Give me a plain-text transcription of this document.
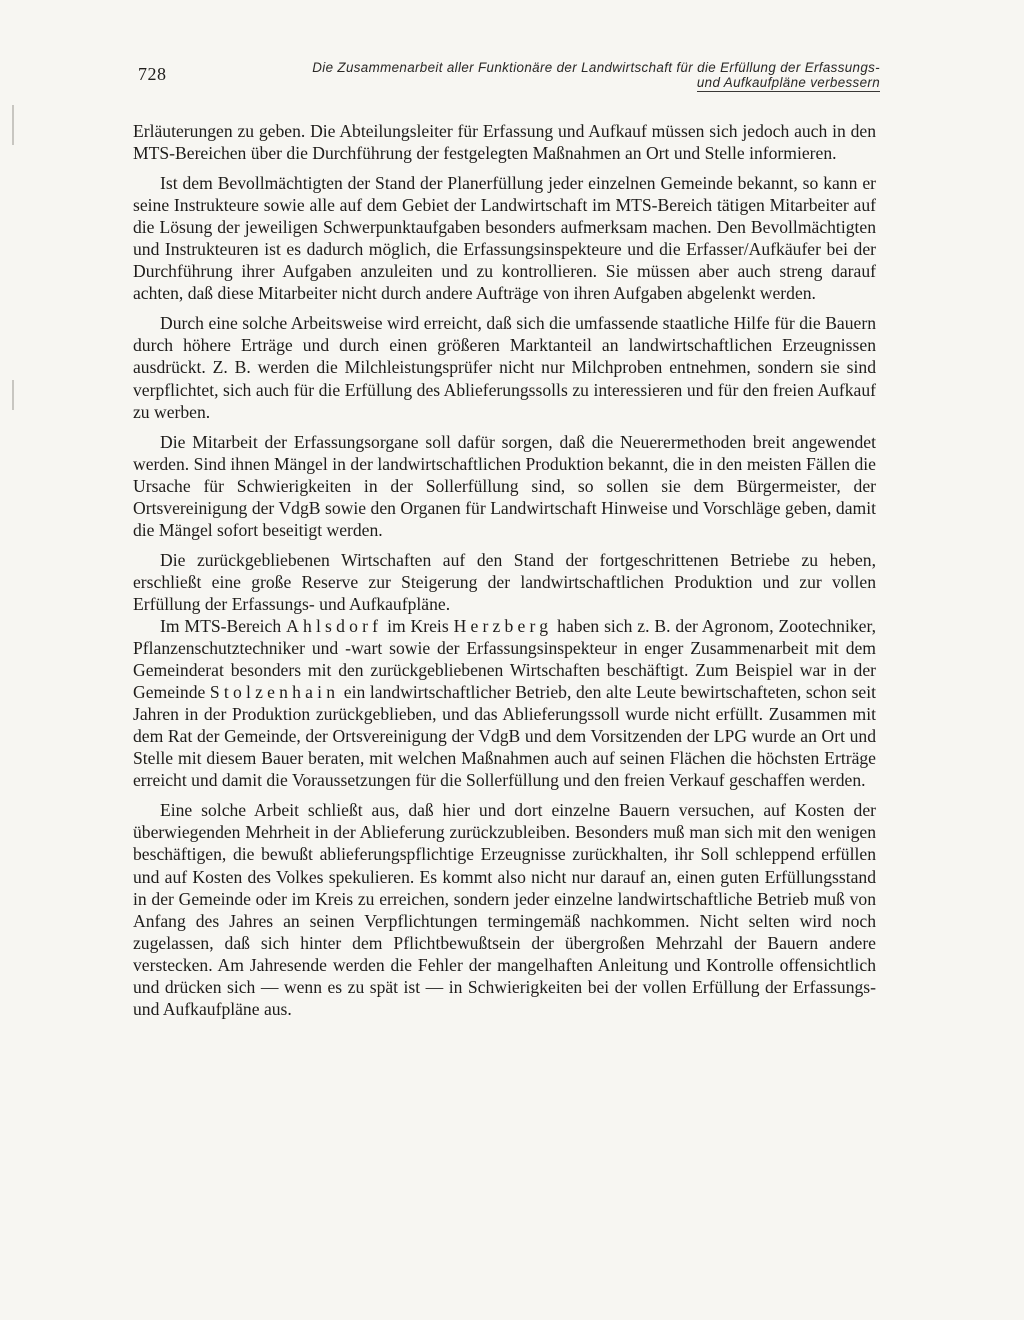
728	Die Zusammenarbeit aller Funktionäre der Landwirtschaft für die Erfüllung der Erfassungs-
und Aufkaufpläne verbessern

Erläuterungen zu geben. Die Abteilungsleiter für Erfassung und Aufkauf müssen sich jedoch auch in den MTS-Bereichen über die Durchführung der festgelegten Maßnahmen an Ort und Stelle informieren.

Ist dem Bevollmächtigten der Stand der Planerfüllung jeder einzelnen Gemeinde bekannt, so kann er seine Instrukteure sowie alle auf dem Gebiet der Landwirtschaft im MTS-Bereich tätigen Mitarbeiter auf die Lösung der jeweiligen Schwerpunktaufgaben besonders aufmerksam machen. Den Bevollmächtigten und Instrukteuren ist es dadurch möglich, die Erfassungsinspekteure und die Erfasser/Aufkäufer bei der Durchführung ihrer Aufgaben anzuleiten und zu kontrollieren. Sie müssen aber auch streng darauf achten, daß diese Mitarbeiter nicht durch andere Aufträge von ihren Aufgaben abgelenkt werden.

Durch eine solche Arbeitsweise wird erreicht, daß sich die umfassende staatliche Hilfe für die Bauern durch höhere Erträge und durch einen größeren Marktanteil an landwirtschaftlichen Erzeugnissen ausdrückt. Z. B. werden die Milchleistungsprüfer nicht nur Milchproben entnehmen, sondern sie sind verpflichtet, sich auch für die Erfüllung des Ablieferungssolls zu interessieren und für den freien Aufkauf zu werben.

Die Mitarbeit der Erfassungsorgane soll dafür sorgen, daß die Neuerermethoden breit angewendet werden. Sind ihnen Mängel in der landwirtschaftlichen Produktion bekannt, die in den meisten Fällen die Ursache für Schwierigkeiten in der Sollerfüllung sind, so sollen sie dem Bürgermeister, der Ortsvereinigung der VdgB sowie den Organen für Landwirtschaft Hinweise und Vorschläge geben, damit die Mängel sofort beseitigt werden.

Die zurückgebliebenen Wirtschaften auf den Stand der fortgeschrittenen Betriebe zu heben, erschließt eine große Reserve zur Steigerung der landwirtschaftlichen Produktion und zur vollen Erfüllung der Erfassungs- und Aufkaufpläne.

Im MTS-Bereich Ahlsdorf im Kreis Herzberg haben sich z. B. der Agronom, Zootechniker, Pflanzenschutztechniker und -wart sowie der Erfassungsinspekteur in enger Zusammenarbeit mit dem Gemeinderat besonders mit den zurückgebliebenen Wirtschaften beschäftigt. Zum Beispiel war in der Gemeinde Stolzenhain ein landwirtschaftlicher Betrieb, den alte Leute bewirtschafteten, schon seit Jahren in der Produktion zurückgeblieben, und das Ablieferungssoll wurde nicht erfüllt. Zusammen mit dem Rat der Gemeinde, der Ortsvereinigung der VdgB und dem Vorsitzenden der LPG wurde an Ort und Stelle mit diesem Bauer beraten, mit welchen Maßnahmen auch auf seinen Flächen die höchsten Erträge erreicht und damit die Voraussetzungen für die Sollerfüllung und den freien Verkauf geschaffen werden.

Eine solche Arbeit schließt aus, daß hier und dort einzelne Bauern versuchen, auf Kosten der überwiegenden Mehrheit in der Ablieferung zurückzubleiben. Besonders muß man sich mit den wenigen beschäftigen, die bewußt ablieferungspflichtige Erzeugnisse zurückhalten, ihr Soll schleppend erfüllen und auf Kosten des Volkes spekulieren. Es kommt also nicht nur darauf an, einen guten Erfüllungsstand in der Gemeinde oder im Kreis zu erreichen, sondern jeder einzelne landwirtschaftliche Betrieb muß von Anfang des Jahres an seinen Verpflichtungen termingemäß nachkommen. Nicht selten wird noch zugelassen, daß sich hinter dem Pflichtbewußtsein der übergroßen Mehrzahl der Bauern andere verstecken. Am Jahresende werden die Fehler der mangelhaften Anleitung und Kontrolle offensichtlich und drücken sich — wenn es zu spät ist — in Schwierigkeiten bei der vollen Erfüllung der Erfassungs- und Aufkaufpläne aus.
